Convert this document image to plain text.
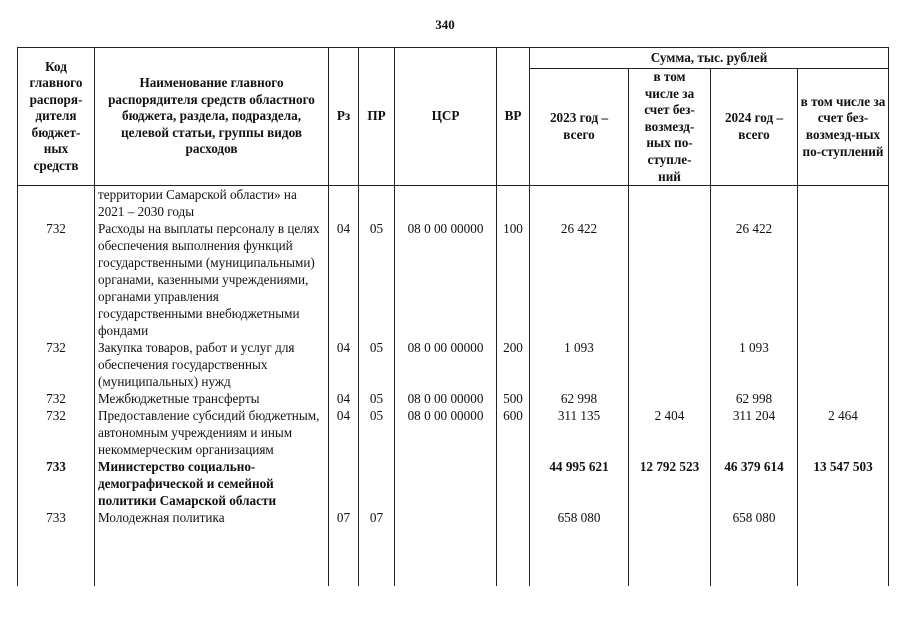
340
Код главного распоря-дителя бюджет-ных средств	Наименование главного распорядителя средств областного бюджета, раздела, подраздела, целевой статьи, группы видов расходов	Рз	ПР	ЦСР	ВР	Сумма, тыс. рублей			
						2023 год – всего	в том числе за счет без-возмезд-ных по-ступле-ний	2024 год – всего	в том числе за счет без-возмезд-ных по-ступлений
	территории Самарской области» на 2021 – 2030 годы								
732	Расходы на выплаты персоналу в целях обеспечения выполнения функций государственными (муниципальными) органами, казенными учреждениями, органами управления государственными внебюджетными фондами	04	05	08 0 00 00000	100	26 422		26 422	
732	Закупка товаров, работ и услуг для обеспечения государственных (муниципальных) нужд	04	05	08 0 00 00000	200	1 093		1 093	
732	Межбюджетные трансферты	04	05	08 0 00 00000	500	62 998		62 998	
732	Предоставление субсидий бюджетным, автономным учреждениям и иным некоммерческим организациям	04	05	08 0 00 00000	600	311 135	2 404	311 204	2 464
733	Министерство социально-демографической и семейной политики Самарской области					44 995 621	12 792 523	46 379 614	13 547 503
733	Молодежная политика	07	07			658 080		658 080	
